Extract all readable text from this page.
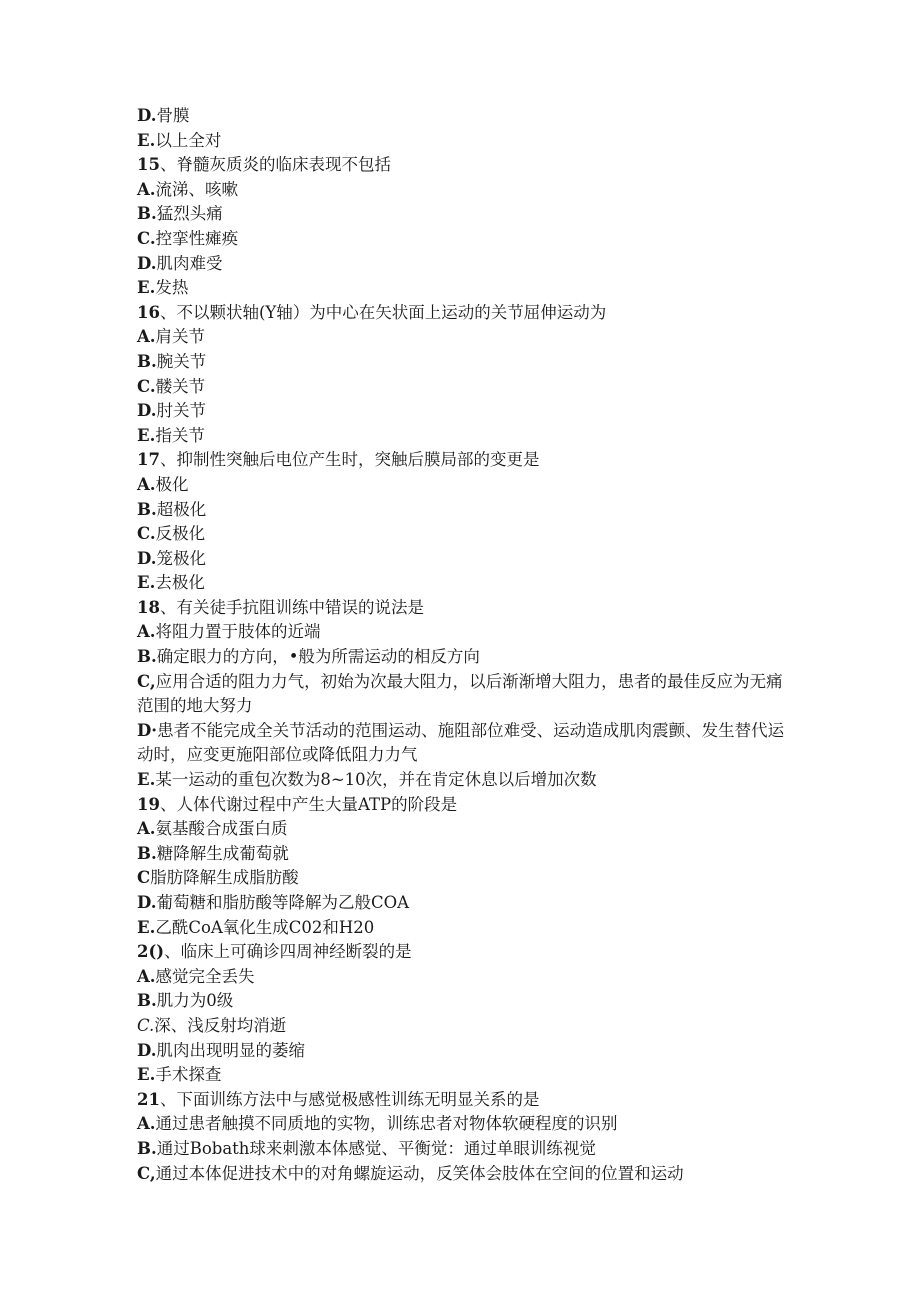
D.骨膜
E.以上全对
15、脊髓灰质炎的临床表现不包括
A.流涕、咳嗽
B.猛烈头痛
C.控挛性瘫痪
D.肌肉难受
E.发热
16、不以颗状轴(Y轴）为中心在矢状面上运动的关节屈伸运动为
A.肩关节
B.腕关节
C.髅关节
D.肘关节
E.指关节
17、抑制性突触后电位产生时，突触后膜局部的变更是
A.极化
B.超极化
C.反极化
D.笼极化
E.去极化
18、有关徒手抗阻训练中错误的说法是
A.将阻力置于肢体的近端
B.确定眼力的方向，•般为所需运动的相反方向
C,应用合适的阻力力气，初始为次最大阻力，以后渐渐增大阻力，患者的最佳反应为无痛范围的地大努力
D·患者不能完成全关节活动的范围运动、施阻部位难受、运动造成肌肉震颤、发生替代运动时，应变更施阳部位或降低阻力力气
E.某一运动的重包次数为8~10次，并在肯定休息以后增加次数
19、人体代谢过程中产生大量ATP的阶段是
A.氨基酸合成蛋白质
B.糖降解生成葡萄就
C脂肪降解生成脂肪酸
D.葡萄糖和脂肪酸等降解为乙般COA
E.乙酰CoA氧化生成C02和H20
2()、临床上可确诊四周神经断裂的是
A.感觉完全丢失
B.肌力为0级
C.深、浅反射均消逝
D.肌肉出现明显的萎缩
E.手术探查
21、下面训练方法中与感觉极感性训练无明显关系的是
A.通过患者触摸不同质地的实物，训练忠者对物体软硬程度的识别
B.通过Bobath球来刺激本体感觉、平衡觉：通过单眼训练视觉
C,通过本体促进技术中的对角螺旋运动，反笑体会肢体在空间的位置和运动
